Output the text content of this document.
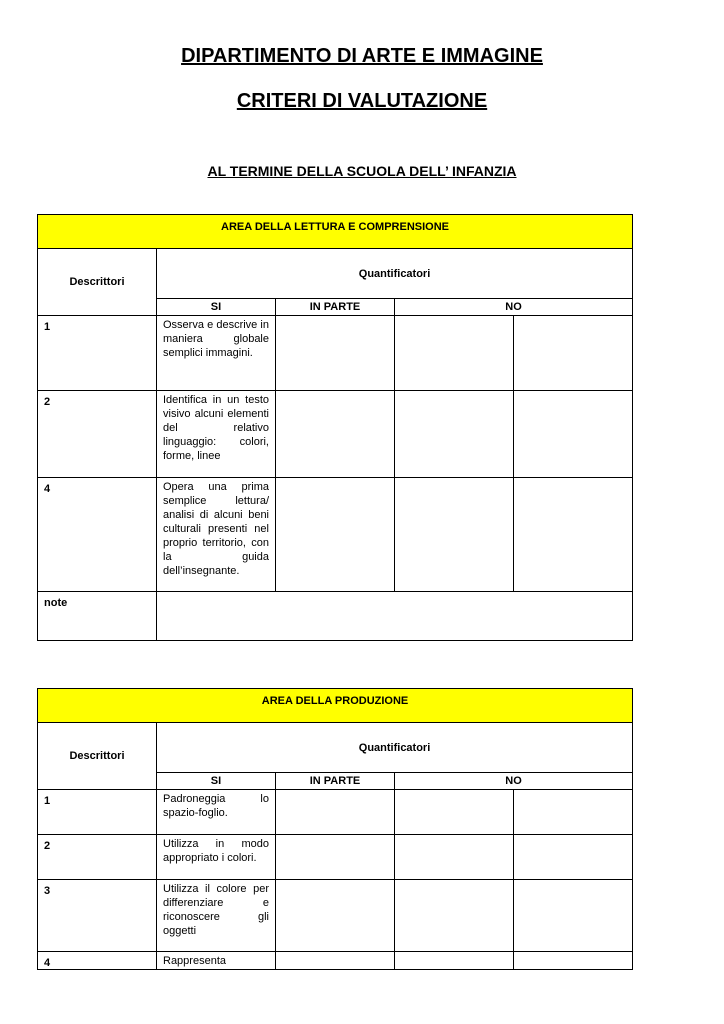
DIPARTIMENTO DI ARTE E IMMAGINE
CRITERI DI VALUTAZIONE
AL TERMINE DELLA SCUOLA DELL’ INFANZIA
AREA DELLA LETTURA E COMPRENSIONE				
Descrittori	Quantificatori			
	SI	IN PARTE	NO	
1	Osserva e descrive in maniera globale semplici immagini.			
2	Identifica in un testo visivo alcuni elementi del relativo linguaggio: colori, forme, linee			
4	Opera una prima semplice lettura/ analisi di alcuni beni culturali presenti nel proprio territorio, con la guida dell’insegnante.			
note				
AREA DELLA PRODUZIONE				
Descrittori	Quantificatori			
	SI	IN PARTE	NO	
1	Padroneggia lo spazio-foglio.			
2	Utilizza in modo appropriato i colori.			
3	Utilizza il colore per differenziare e riconoscere gli oggetti			
4	Rappresenta			
